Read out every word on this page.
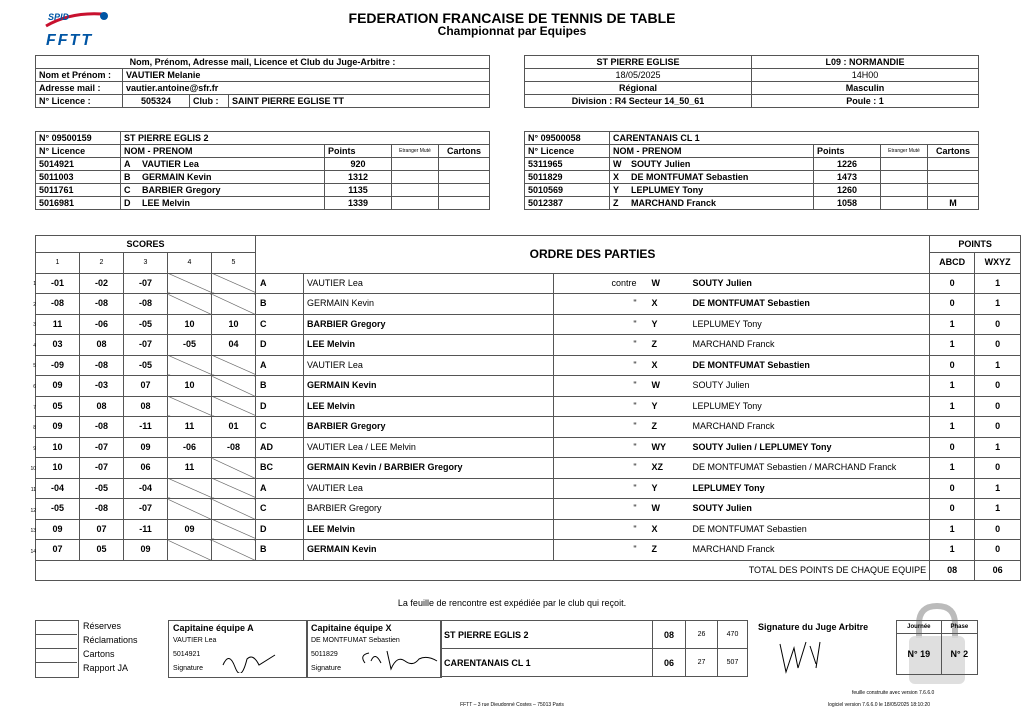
SPID
FFTT
FEDERATION FRANCAISE DE TENNIS DE TABLE
Championnat par Equipes
Nom, Prénom, Adresse mail, Licence et Club du Juge-Arbitre :			
Nom et Prénom :	VAUTIER Melanie		
Adresse mail :	vautier.antoine@sfr.fr		
N° Licence :	505324	Club :	SAINT PIERRE EGLISE TT
ST PIERRE EGLISE	L09 : NORMANDIE
18/05/2025	14H00
Régional	Masculin
Division : R4 Secteur 14_50_61	Poule : 1
N° 09500159	ST PIERRE EGLIS 2				
N° Licence	NOM - PRENOM		Points	Etranger Muté	Cartons
5014921	A	VAUTIER Lea	920		
5011003	B	GERMAIN Kevin	1312		
5011761	C	BARBIER Gregory	1135		
5016981	D	LEE Melvin	1339		
N° 09500058	CARENTANAIS CL 1				
N° Licence	NOM - PRENOM		Points	Etranger Muté	Cartons
5311965	W	SOUTY Julien	1226		
5011829	X	DE MONTFUMAT Sebastien	1473		
5010569	Y	LEPLUMEY Tony	1260		
5012387	Z	MARCHAND Franck	1058		M
SCORES					ORDRE DES PARTIES					POINTS	
1	2	3	4	5						ABCD	WXYZ
-01	-02	-07			A	VAUTIER Lea	contre	W	SOUTY Julien	0	1
-08	-08	-08			B	GERMAIN Kevin	"	X	DE MONTFUMAT Sebastien	0	1
11	-06	-05	10	10	C	BARBIER Gregory	"	Y	LEPLUMEY Tony	1	0
03	08	-07	-05	04	D	LEE Melvin	"	Z	MARCHAND Franck	1	0
-09	-08	-05			A	VAUTIER Lea	"	X	DE MONTFUMAT Sebastien	0	1
09	-03	07	10		B	GERMAIN Kevin	"	W	SOUTY Julien	1	0
05	08	08			D	LEE Melvin	"	Y	LEPLUMEY Tony	1	0
09	-08	-11	11	01	C	BARBIER Gregory	"	Z	MARCHAND Franck	1	0
10	-07	09	-06	-08	AD	VAUTIER Lea / LEE Melvin	"	WY	SOUTY Julien / LEPLUMEY Tony	0	1
10	-07	06	11		BC	GERMAIN Kevin / BARBIER Gregory	"	XZ	DE MONTFUMAT Sebastien / MARCHAND Franck	1	0
-04	-05	-04			A	VAUTIER Lea	"	Y	LEPLUMEY Tony	0	1
-05	-08	-07			C	BARBIER Gregory	"	W	SOUTY Julien	0	1
09	07	-11	09		D	LEE Melvin	"	X	DE MONTFUMAT Sebastien	1	0
07	05	09			B	GERMAIN Kevin	"	Z	MARCHAND Franck	1	0
TOTAL DES POINTS DE CHAQUE EQUIPE										08	06
1
2
3
4
5
6
7
8
9
10
11
12
13
14
La feuille de rencontre est expédiée par le club qui reçoit.
Réserves
Réclamations
Cartons
Rapport JA
Capitaine équipe A
VAUTIER Lea
5014921
Signature
Capitaine équipe X
DE MONTFUMAT Sebastien
5011829
Signature
ST PIERRE EGLIS 2	08	26	470
CARENTANAIS CL 1	06	27	507
Signature du Juge Arbitre	Journée	Phase
N° 19	N° 2
feuille construite avec version 7.6.6.0
FFTT – 3 rue Dieudonné Costes – 75013 Paris	logiciel version 7.6.6.0 le 18/05/2025 18:10:20
